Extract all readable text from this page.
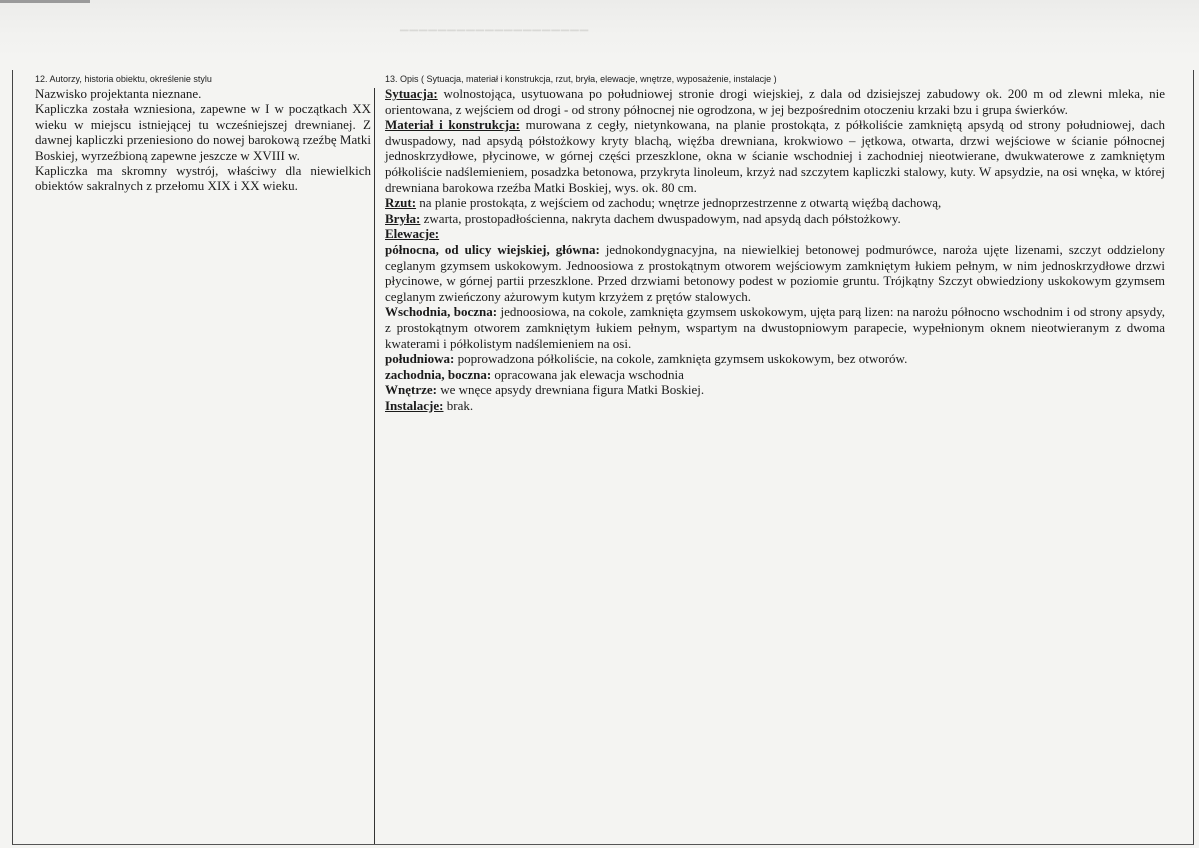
▔▔▔▔▔▔▔▔▔▔▔▔▔▔▔▔▔▔▔▔
12. Autorzy, historia obiektu, określenie stylu	13. Opis ( Sytuacja, materiał i konstrukcja, rzut, bryła, elewacje, wnętrze, wyposażenie, instalacje )

Nazwisko projektanta nieznane.

Kapliczka została wzniesiona, zapewne w I w początkach XX wieku w miejscu istniejącej tu wcześniejszej drewnianej. Z dawnej kapliczki przeniesiono do nowej barokową rzeźbę Matki Boskiej, wyrzeźbioną zapewne jeszcze w XVIII w.

Kapliczka ma skromny wystrój, właściwy dla niewielkich obiektów sakralnych z przełomu XIX i XX wieku.

Sytuacja: wolnostojąca, usytuowana po południowej stronie drogi wiejskiej, z dala od dzisiejszej zabudowy ok. 200 m od zlewni mleka, nie orientowana, z wejściem od drogi - od strony północnej nie ogrodzona, w jej bezpośrednim otoczeniu krzaki bzu i grupa świerków.

Materiał i konstrukcja: murowana z cegły, nietynkowana, na planie prostokąta, z półkoliście zamkniętą apsydą od strony południowej, dach dwuspadowy, nad apsydą półstożkowy kryty blachą, więźba drewniana, krokwiowo – jętkowa, otwarta, drzwi wejściowe w ścianie północnej jednoskrzydłowe, płycinowe, w górnej części przeszklone, okna w ścianie wschodniej i zachodniej nieotwierane, dwukwaterowe z zamkniętym półkoliście nadślemieniem, posadzka betonowa, przykryta linoleum, krzyż nad szczytem kapliczki stalowy, kuty. W apsydzie, na osi wnęka, w której drewniana barokowa rzeźba Matki Boskiej, wys. ok. 80 cm.

Rzut: na planie prostokąta, z wejściem od zachodu; wnętrze jednoprzestrzenne z otwartą więźbą dachową,

Bryła: zwarta, prostopadłościenna, nakryta dachem dwuspadowym, nad apsydą dach półstożkowy.

Elewacje:

północna, od ulicy wiejskiej, główna: jednokondygnacyjna, na niewielkiej betonowej podmurówce, naroża ujęte lizenami, szczyt oddzielony ceglanym gzymsem uskokowym. Jednoosiowa z prostokątnym otworem wejściowym zamkniętym łukiem pełnym, w nim jednoskrzydłowe drzwi płycinowe, w górnej partii przeszklone. Przed drzwiami betonowy podest w poziomie gruntu. Trójkątny Szczyt obwiedziony uskokowym gzymsem ceglanym zwieńczony ażurowym kutym krzyżem z prętów stalowych.

Wschodnia, boczna: jednoosiowa, na cokole, zamknięta gzymsem uskokowym, ujęta parą lizen: na narożu północno wschodnim i od strony apsydy, z prostokątnym otworem zamkniętym łukiem pełnym, wspartym na dwustopniowym parapecie, wypełnionym oknem nieotwieranym z dwoma kwaterami i półkolistym nadślemieniem na osi.

południowa: poprowadzona półkoliście, na cokole, zamknięta gzymsem uskokowym, bez otworów.

zachodnia, boczna: opracowana jak elewacja wschodnia

Wnętrze: we wnęce apsydy drewniana figura Matki Boskiej.

Instalacje: brak.
